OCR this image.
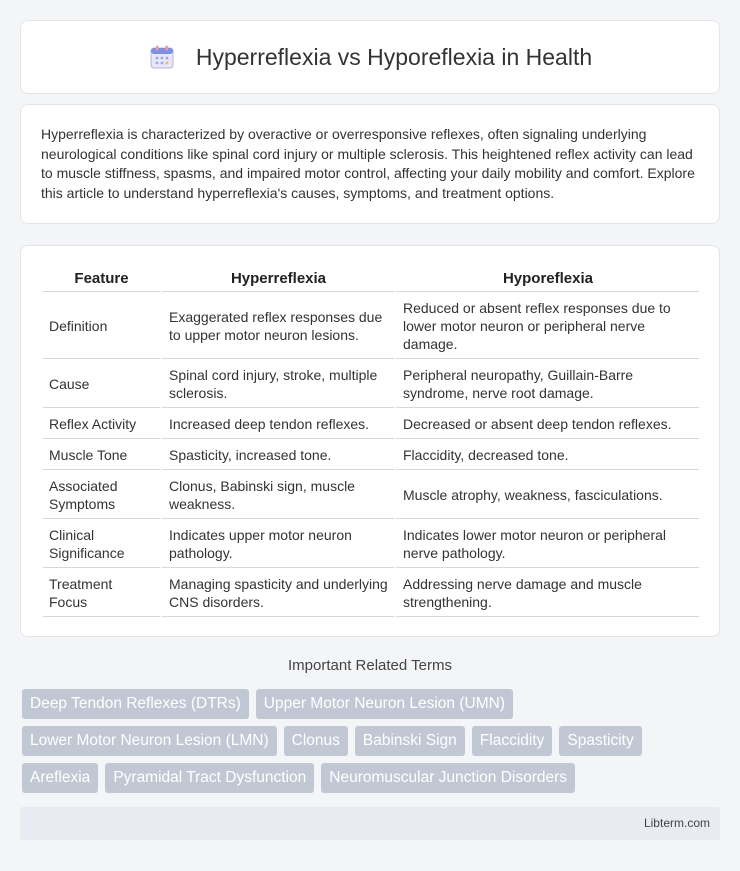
Hyperreflexia vs Hyporeflexia in Health

Hyperreflexia is characterized by overactive or overresponsive reflexes, often signaling underlying neurological conditions like spinal cord injury or multiple sclerosis. This heightened reflex activity can lead to muscle stiffness, spasms, and impaired motor control, affecting your daily mobility and comfort. Explore this article to understand hyperreflexia's causes, symptoms, and treatment options.

Feature	Hyperreflexia	Hyporeflexia
Definition	Exaggerated reflex responses due to upper motor neuron lesions.	Reduced or absent reflex responses due to lower motor neuron or peripheral nerve damage.
Cause	Spinal cord injury, stroke, multiple sclerosis.	Peripheral neuropathy, Guillain-Barre syndrome, nerve root damage.
Reflex Activity	Increased deep tendon reflexes.	Decreased or absent deep tendon reflexes.
Muscle Tone	Spasticity, increased tone.	Flaccidity, decreased tone.
Associated Symptoms	Clonus, Babinski sign, muscle weakness.	Muscle atrophy, weakness, fasciculations.
Clinical Significance	Indicates upper motor neuron pathology.	Indicates lower motor neuron or peripheral nerve pathology.
Treatment Focus	Managing spasticity and underlying CNS disorders.	Addressing nerve damage and muscle strengthening.
Important Related Terms
Deep Tendon Reflexes (DTRs)	Upper Motor Neuron Lesion (UMN)
Lower Motor Neuron Lesion (LMN)	Clonus	Babinski Sign	Flaccidity	Spasticity
Areflexia	Pyramidal Tract Dysfunction	Neuromuscular Junction Disorders
Libterm.com
